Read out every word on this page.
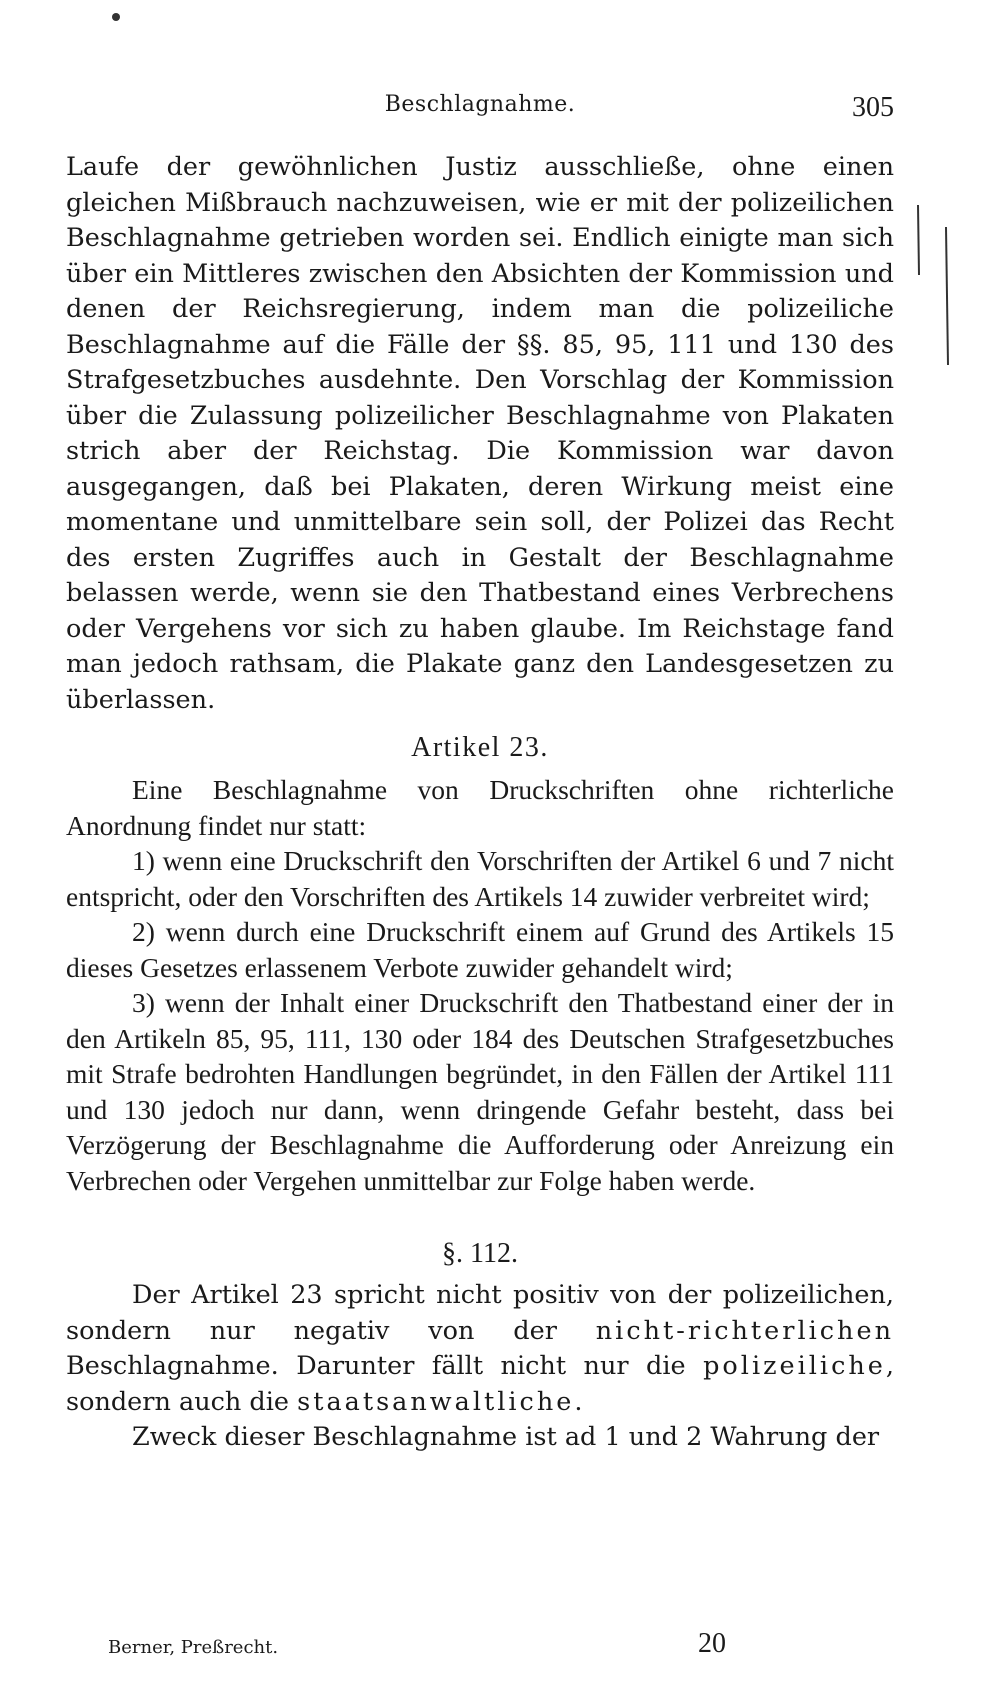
Beschlagnahme.	305

Laufe der gewöhnlichen Justiz ausschließe, ohne einen gleichen Mißbrauch nachzuweisen, wie er mit der polizeilichen Beschlagnahme getrieben worden sei. Endlich einigte man sich über ein Mittleres zwischen den Absichten der Kommission und denen der Reichsregierung, indem man die polizeiliche Beschlagnahme auf die Fälle der §§. 85, 95, 111 und 130 des Strafgesetzbuches ausdehnte. Den Vorschlag der Kommission über die Zulassung polizeilicher Beschlagnahme von Plakaten strich aber der Reichstag. Die Kommission war davon ausgegangen, daß bei Plakaten, deren Wirkung meist eine momentane und unmittelbare sein soll, der Polizei das Recht des ersten Zugriffes auch in Gestalt der Beschlagnahme belassen werde, wenn sie den Thatbestand eines Verbrechens oder Vergehens vor sich zu haben glaube. Im Reichstage fand man jedoch rathsam, die Plakate ganz den Landesgesetzen zu überlassen.

Artikel 23.

Eine Beschlagnahme von Druckschriften ohne richterliche Anordnung findet nur statt:

1) wenn eine Druckschrift den Vorschriften der Artikel 6 und 7 nicht entspricht, oder den Vorschriften des Artikels 14 zuwider verbreitet wird;

2) wenn durch eine Druckschrift einem auf Grund des Artikels 15 dieses Gesetzes erlassenem Verbote zuwider gehandelt wird;

3) wenn der Inhalt einer Druckschrift den Thatbestand einer der in den Artikeln 85, 95, 111, 130 oder 184 des Deutschen Strafgesetzbuches mit Strafe bedrohten Handlungen begründet, in den Fällen der Artikel 111 und 130 jedoch nur dann, wenn dringende Gefahr besteht, dass bei Verzögerung der Beschlagnahme die Aufforderung oder Anreizung ein Verbrechen oder Vergehen unmittelbar zur Folge haben werde.

§. 112.

Der Artikel 23 spricht nicht positiv von der polizeilichen, sondern nur negativ von der nicht-richterlichen Beschlagnahme. Darunter fällt nicht nur die polizeiliche, sondern auch die staatsanwaltliche.

Zweck dieser Beschlagnahme ist ad 1 und 2 Wahrung der

Berner, Preßrecht.	20
